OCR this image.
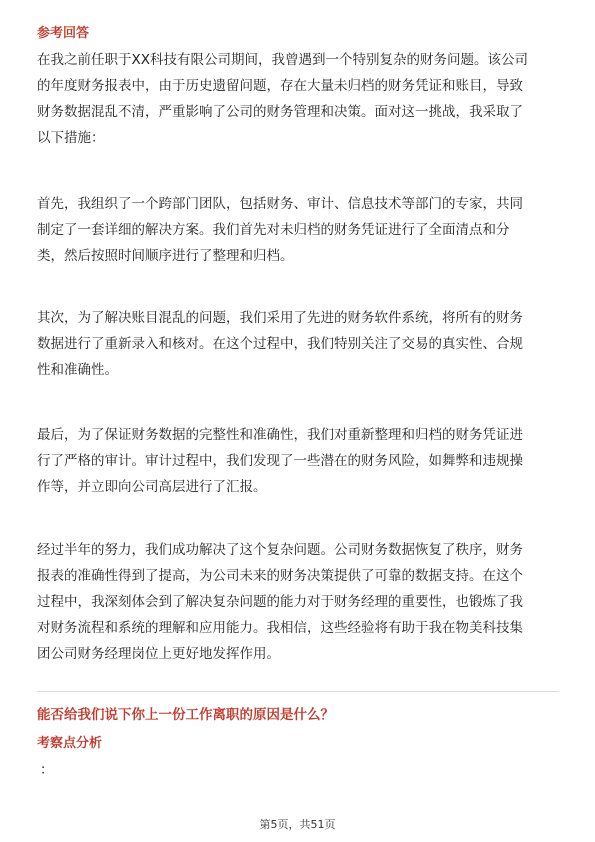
参考回答
在我之前任职于XX科技有限公司期间，我曾遇到一个特别复杂的财务问题。该公司
的年度财务报表中，由于历史遗留问题，存在大量未归档的财务凭证和账目，导致
财务数据混乱不清，严重影响了公司的财务管理和决策。面对这一挑战，我采取了
以下措施：
首先，我组织了一个跨部门团队，包括财务、审计、信息技术等部门的专家，共同
制定了一套详细的解决方案。我们首先对未归档的财务凭证进行了全面清点和分
类，然后按照时间顺序进行了整理和归档。
其次，为了解决账目混乱的问题，我们采用了先进的财务软件系统，将所有的财务
数据进行了重新录入和核对。在这个过程中，我们特别关注了交易的真实性、合规
性和准确性。
最后，为了保证财务数据的完整性和准确性，我们对重新整理和归档的财务凭证进
行了严格的审计。审计过程中，我们发现了一些潜在的财务风险，如舞弊和违规操
作等，并立即向公司高层进行了汇报。
经过半年的努力，我们成功解决了这个复杂问题。公司财务数据恢复了秩序，财务
报表的准确性得到了提高，为公司未来的财务决策提供了可靠的数据支持。在这个
过程中，我深刻体会到了解决复杂问题的能力对于财务经理的重要性，也锻炼了我
对财务流程和系统的理解和应用能力。我相信，这些经验将有助于我在物美科技集
团公司财务经理岗位上更好地发挥作用。
能否给我们说下你上一份工作离职的原因是什么？
考察点分析
：
第5页，共51页
